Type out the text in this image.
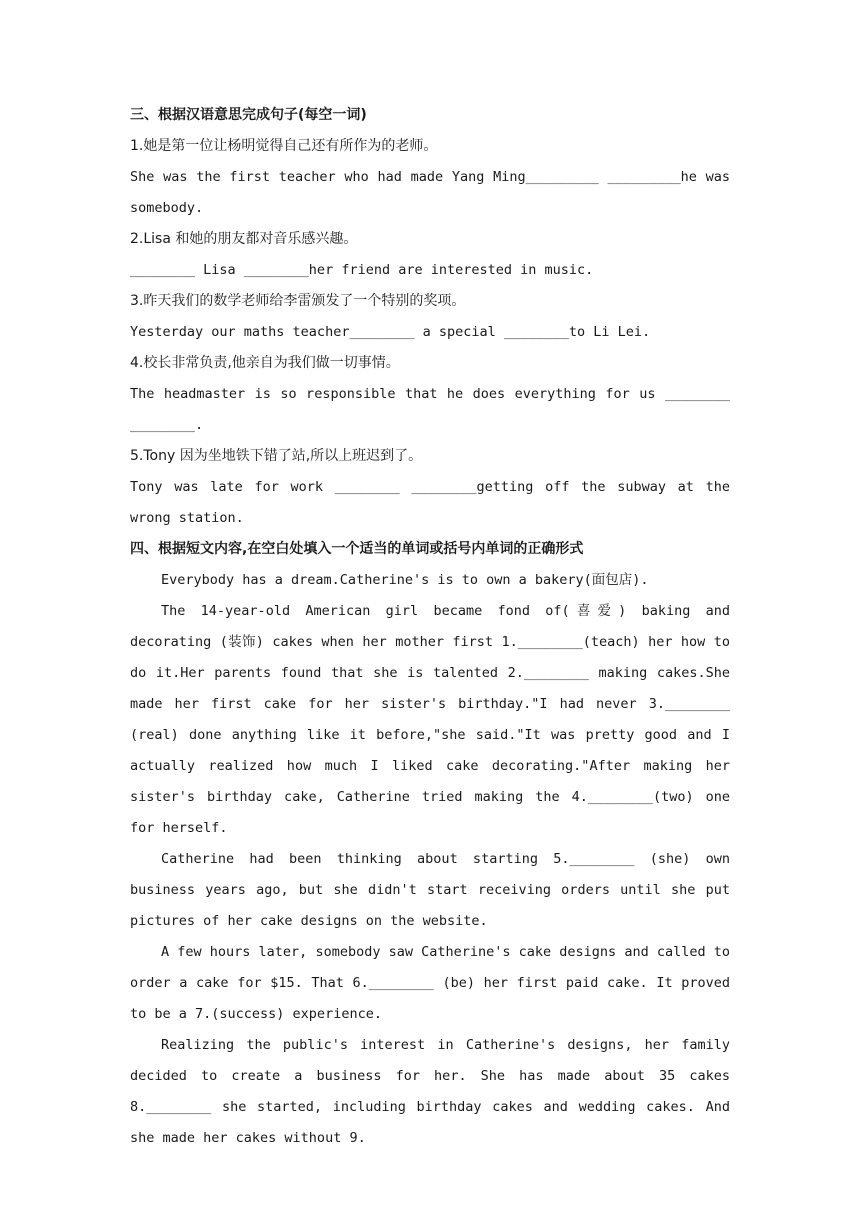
三、根据汉语意思完成句子(每空一词)
1.她是第一位让杨明觉得自己还有所作为的老师。
She was the first teacher who had made Yang Ming_________ _________he was somebody.
2.Lisa 和她的朋友都对音乐感兴趣。
________ Lisa ________her friend are interested in music.
3.昨天我们的数学老师给李雷颁发了一个特别的奖项。
Yesterday our maths teacher________ a special ________to Li Lei.
4.校长非常负责,他亲自为我们做一切事情。
The headmaster is so responsible that he does everything for us ________ ________.
5.Tony 因为坐地铁下错了站,所以上班迟到了。
Tony was late for work ________ ________getting off the subway at the wrong station.
四、根据短文内容,在空白处填入一个适当的单词或括号内单词的正确形式
Everybody has a dream.Catherine's is to own a bakery(面包店).
The 14-year-old American girl became fond of(喜爱) baking and decorating (装饰) cakes when her mother first 1.________(teach) her how to do it.Her parents found that she is talented 2.________ making cakes.She made her first cake for her sister's birthday."I had never 3.________ (real) done anything like it before,"she said."It was pretty good and I actually realized how much I liked cake decorating."After making her sister's birthday cake, Catherine tried making the 4.________(two) one for herself.
Catherine had been thinking about starting 5.________ (she) own business years ago, but she didn't start receiving orders until she put pictures of her cake designs on the website.
A few hours later, somebody saw Catherine's cake designs and called to order a cake for $15. That 6.________ (be) her first paid cake. It proved to be a 7.(success) experience.
Realizing the public's interest in Catherine's designs, her family decided to create a business for her. She has made about 35 cakes 8.________ she started, including birthday cakes and wedding cakes. And she made her cakes without 9.
